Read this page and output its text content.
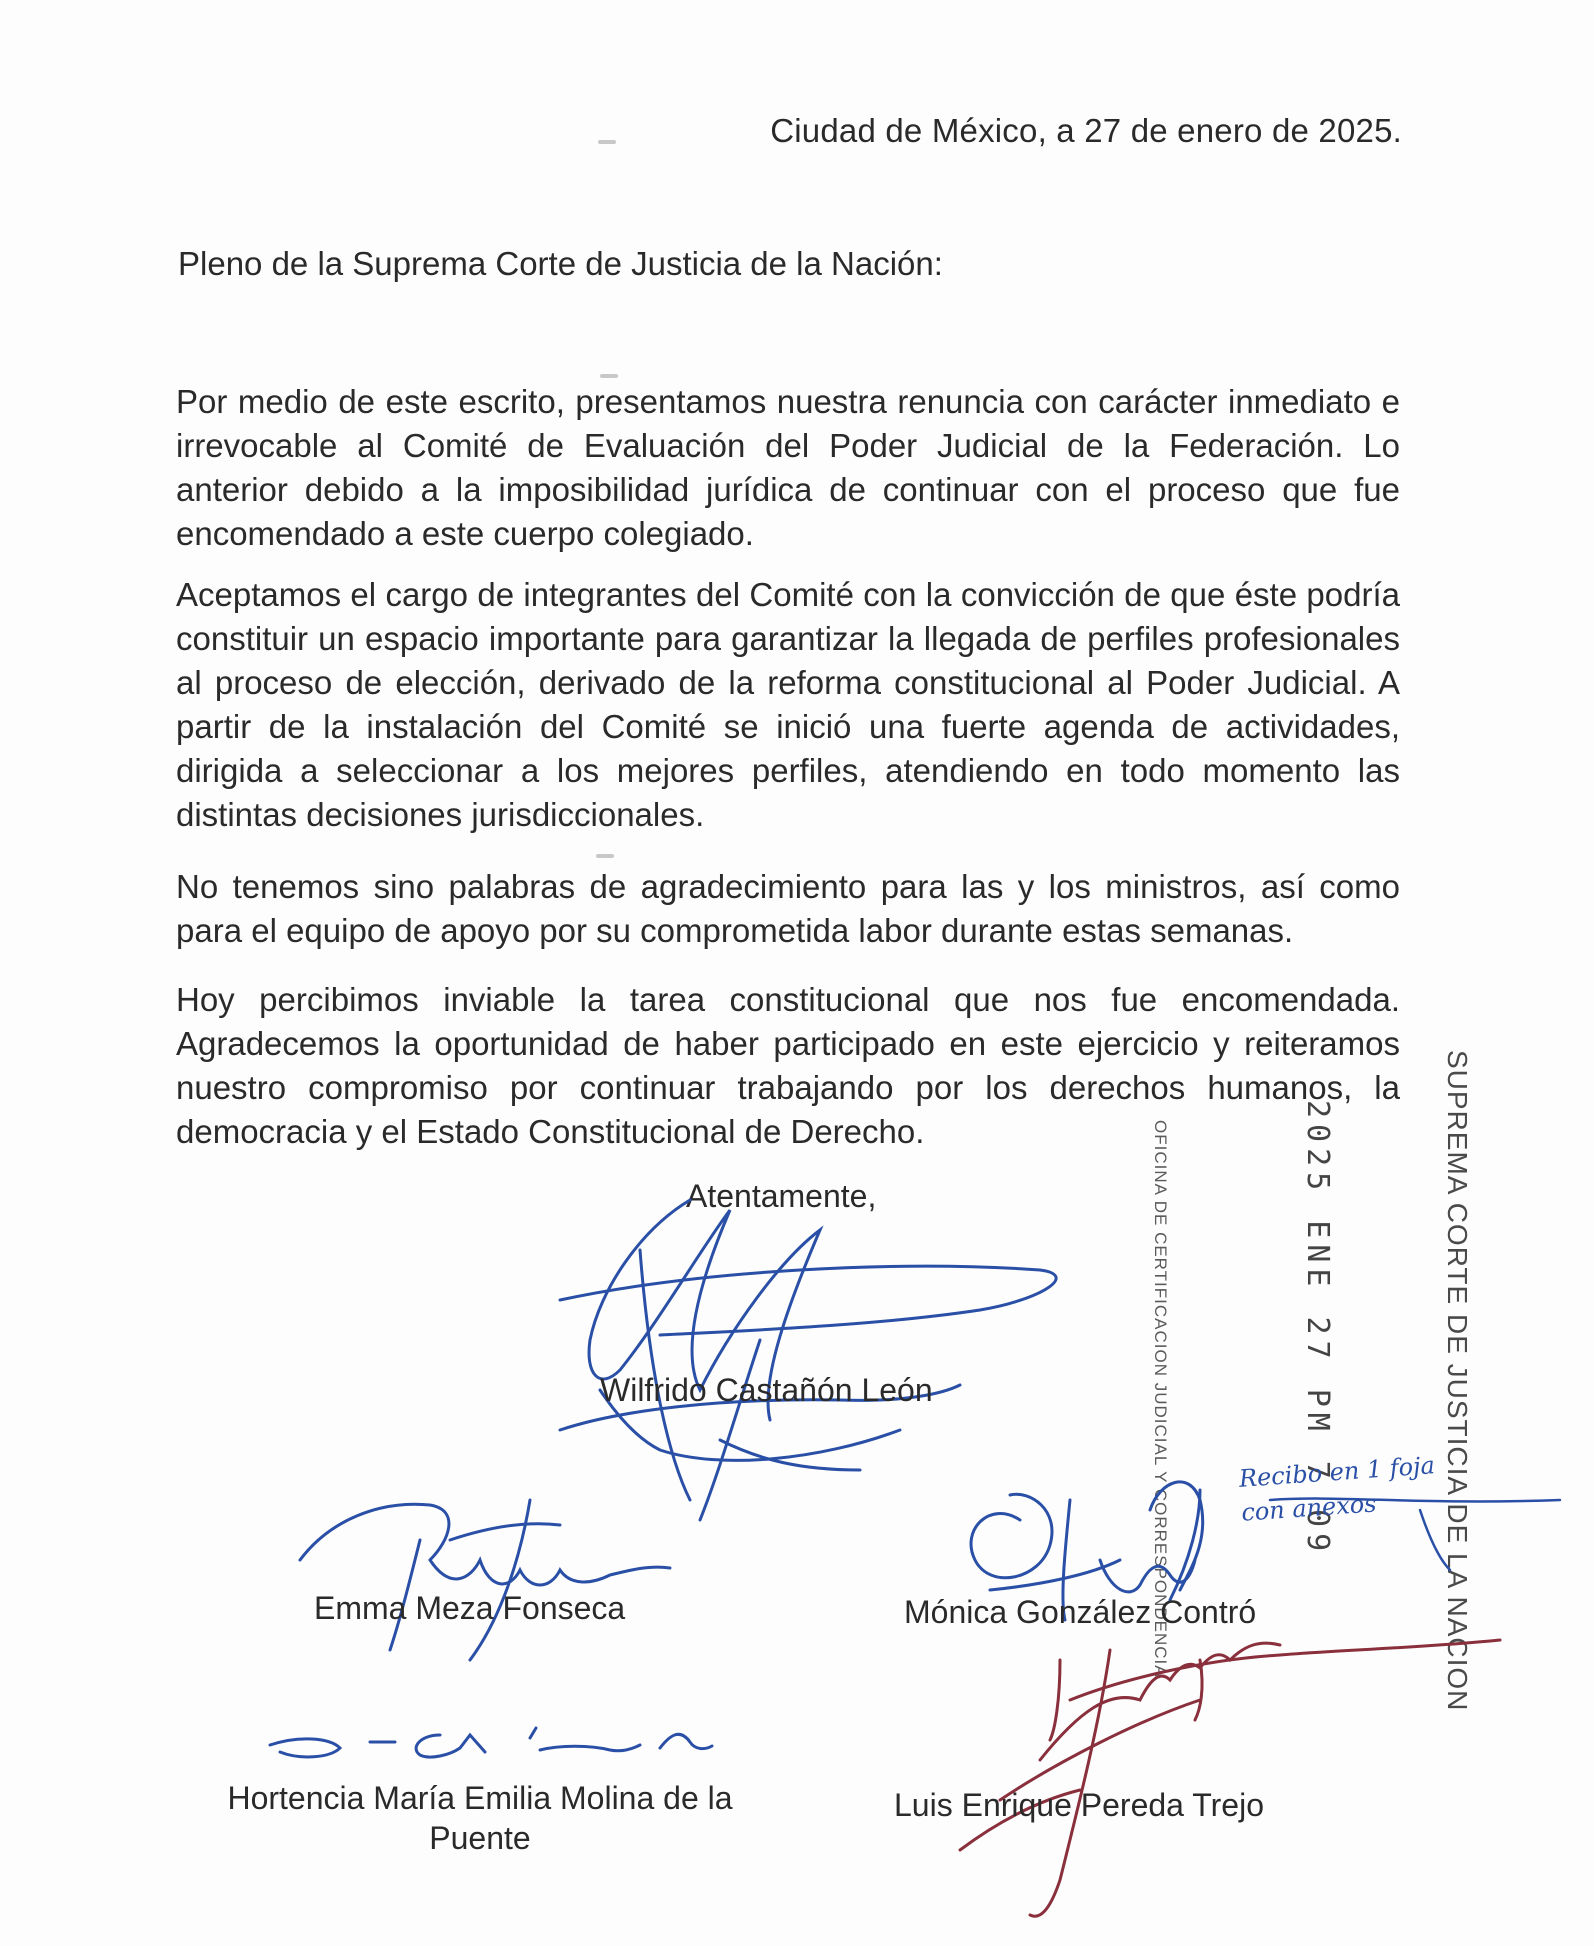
Ciudad de México, a 27 de enero de 2025.
Pleno de la Suprema Corte de Justicia de la Nación:
Por medio de este escrito, presentamos nuestra renuncia con carácter inmediato e irrevocable al Comité de Evaluación del Poder Judicial de la Federación. Lo anterior debido a la imposibilidad jurídica de continuar con el proceso que fue encomendado a este cuerpo colegiado.
Aceptamos el cargo de integrantes del Comité con la convicción de que éste podría constituir un espacio importante para garantizar la llegada de perfiles profesionales al proceso de elección, derivado de la reforma constitucional al Poder Judicial. A partir de la instalación del Comité se inició una fuerte agenda de actividades, dirigida a seleccionar a los mejores perfiles, atendiendo en todo momento las distintas decisiones jurisdiccionales.
No tenemos sino palabras de agradecimiento para las y los ministros, así como para el equipo de apoyo por su comprometida labor durante estas semanas.
Hoy percibimos inviable la tarea constitucional que nos fue encomendada. Agradecemos la oportunidad de haber participado en este ejercicio y reiteramos nuestro compromiso por continuar trabajando por los derechos humanos, la democracia y el Estado Constitucional de Derecho.
Atentamente,	SUPREMA CORTE DE JUSTICIA DE LA NACION
2025 ENE 27 PM 7 09
OFICINA DE CERTIFICACION JUDICIAL Y CORRESPONDENCIA	Recibo en 1 foja
con anexos
Wilfrido Castañón León
Emma Meza Fonseca	Mónica González Contró
Hortencia María Emilia Molina de la Puente
Luis Enrique Pereda Trejo
